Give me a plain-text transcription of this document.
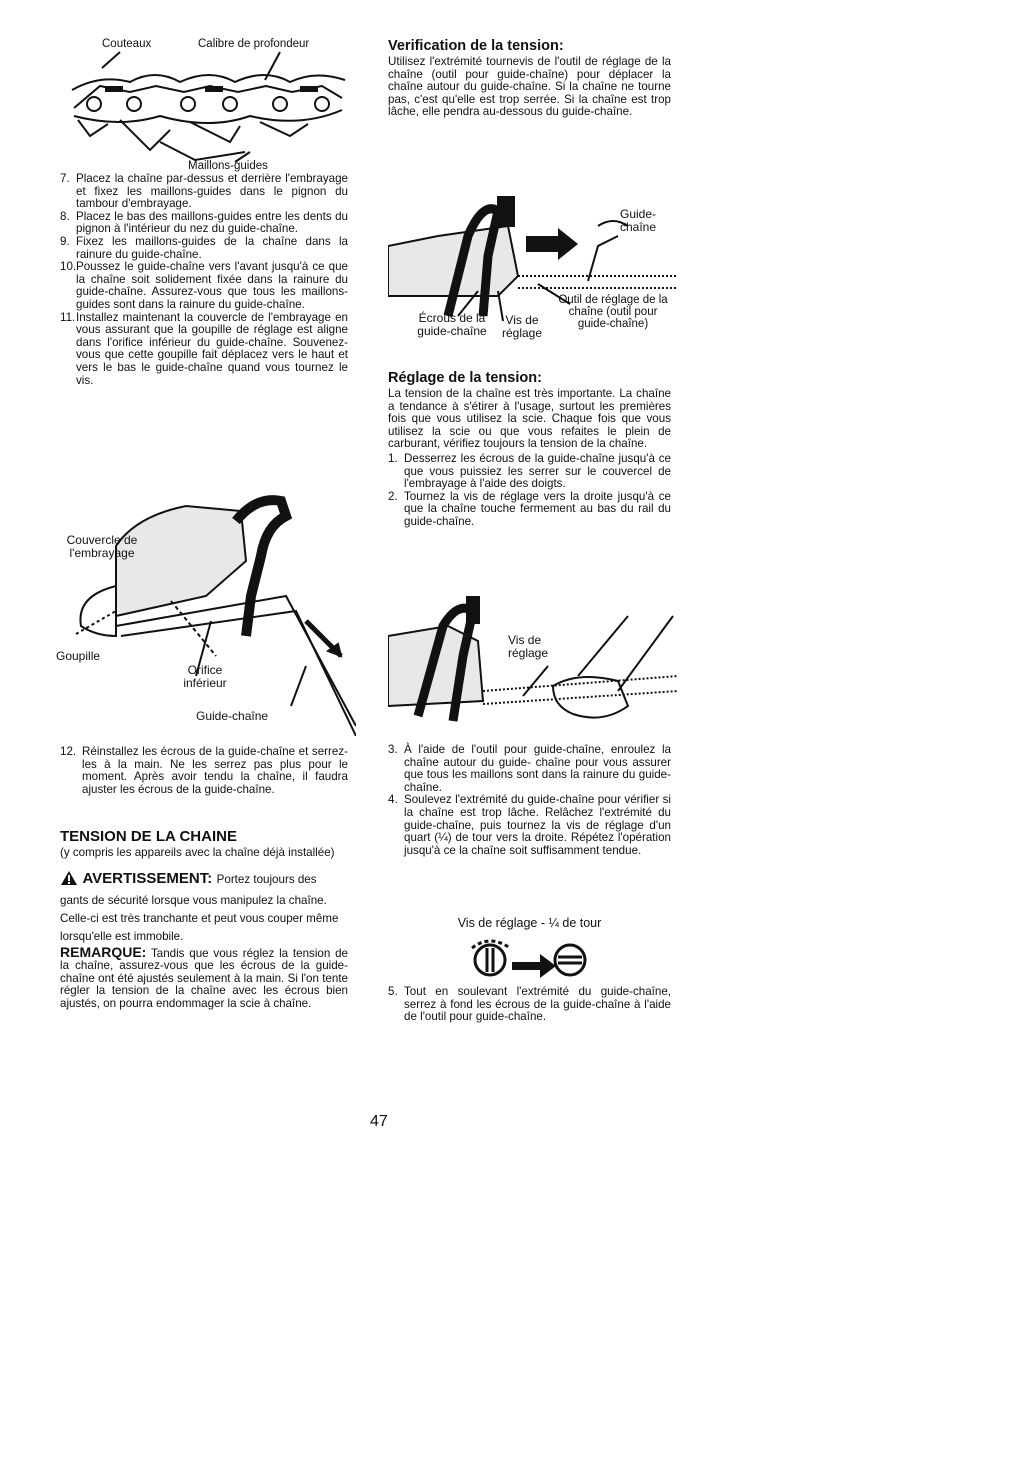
Couteaux	Calibre de profondeur
Maillons-guides
7. Placez la chaîne par-dessus et derrière l'embrayage et fixez les maillons-guides dans le pignon du tambour d'embrayage.
8. Placez le bas des maillons-guides entre les dents du pignon à l'intérieur du nez du guide-chaîne.
9. Fixez les maillons-guides de la chaîne dans la rainure du guide-chaîne.
10. Poussez le guide-chaîne vers l'avant jusqu'à ce que la chaîne soit solidement fixée dans la rainure du guide-chaîne. Assurez-vous que tous les maillons-guides sont dans la rainure du guide-chaîne.
11. Installez maintenant la couvercle de l'embrayage en vous assurant que la goupille de réglage est aligne dans l'orifice inférieur du guide-chaîne. Souvenez-vous que cette goupille fait déplacez vers le haut et vers le bas le guide-chaîne quand vous tournez le vis.
Couvercle de l'embrayage
Goupille
Orifice inférieur
Guide-chaîne
12. Réinstallez les écrous de la guide-chaîne et serrez-les à la main. Ne les serrez pas plus pour le moment. Après avoir tendu la chaîne, il faudra ajuster les écrous de la guide-chaîne.
TENSION DE LA CHAINE
(y compris les appareils avec la chaîne déjà installée)
AVERTISSEMENT: Portez toujours des gants de sécurité lorsque vous manipulez la chaîne. Celle-ci est très tranchante et peut vous couper même lorsqu'elle est immobile.
REMARQUE: Tandis que vous réglez la tension de la chaîne, assurez-vous que les écrous de la guide-chaîne ont été ajustés seulement à la main. Si l'on tente régler la tension de la chaîne avec les écrous bien ajustés, on pourra endommager la scie à chaîne.
Verification de la tension:
Utilisez l'extrémité tournevis de l'outil de réglage de la chaîne (outil pour guide-chaîne) pour déplacer la chaîne autour du guide-chaîne. Si la chaîne ne tourne pas, c'est qu'elle est trop serrée. Si la chaîne est trop lâche, elle pendra au-dessous du guide-chaîne.
Guide-chaîne
Écrous de la guide-chaîne
Vis de réglage
Outil de réglage de la chaîne (outil pour guide-chaîne)
Réglage de la tension:
La tension de la chaîne est très importante. La chaîne a tendance à s'étirer à l'usage, surtout les premières fois que vous utilisez la scie. Chaque fois que vous utilisez la scie ou que vous refaites le plein de carburant, vérifiez toujours la tension de la chaîne.
1. Desserrez les écrous de la guide-chaîne jusqu'à ce que vous puissiez les serrer sur le couvercel de l'embrayage à l'aide des doigts.
2. Tournez la vis de réglage vers la droite jusqu'à ce que la chaîne touche fermement au bas du rail du guide-chaîne.
Vis de réglage
3. À l'aide de l'outil pour guide-chaîne, enroulez la chaîne autour du guide- chaîne pour vous assurer que tous les maillons sont dans la rainure du guide-chaîne.
4. Soulevez l'extrémité du guide-chaîne pour vérifier si la chaîne est trop lâche. Relâchez l'extrémité du guide-chaîne, puis tournez la vis de réglage d'un quart (¼) de tour vers la droite. Répétez l'opération jusqu'à ce la chaîne soit suffisamment tendue.
Vis de réglage - ¼ de tour
5. Tout en soulevant l'extrémité du guide-chaîne, serrez à fond les écrous de la guide-chaîne à l'aide de l'outil pour guide-chaîne.
47
